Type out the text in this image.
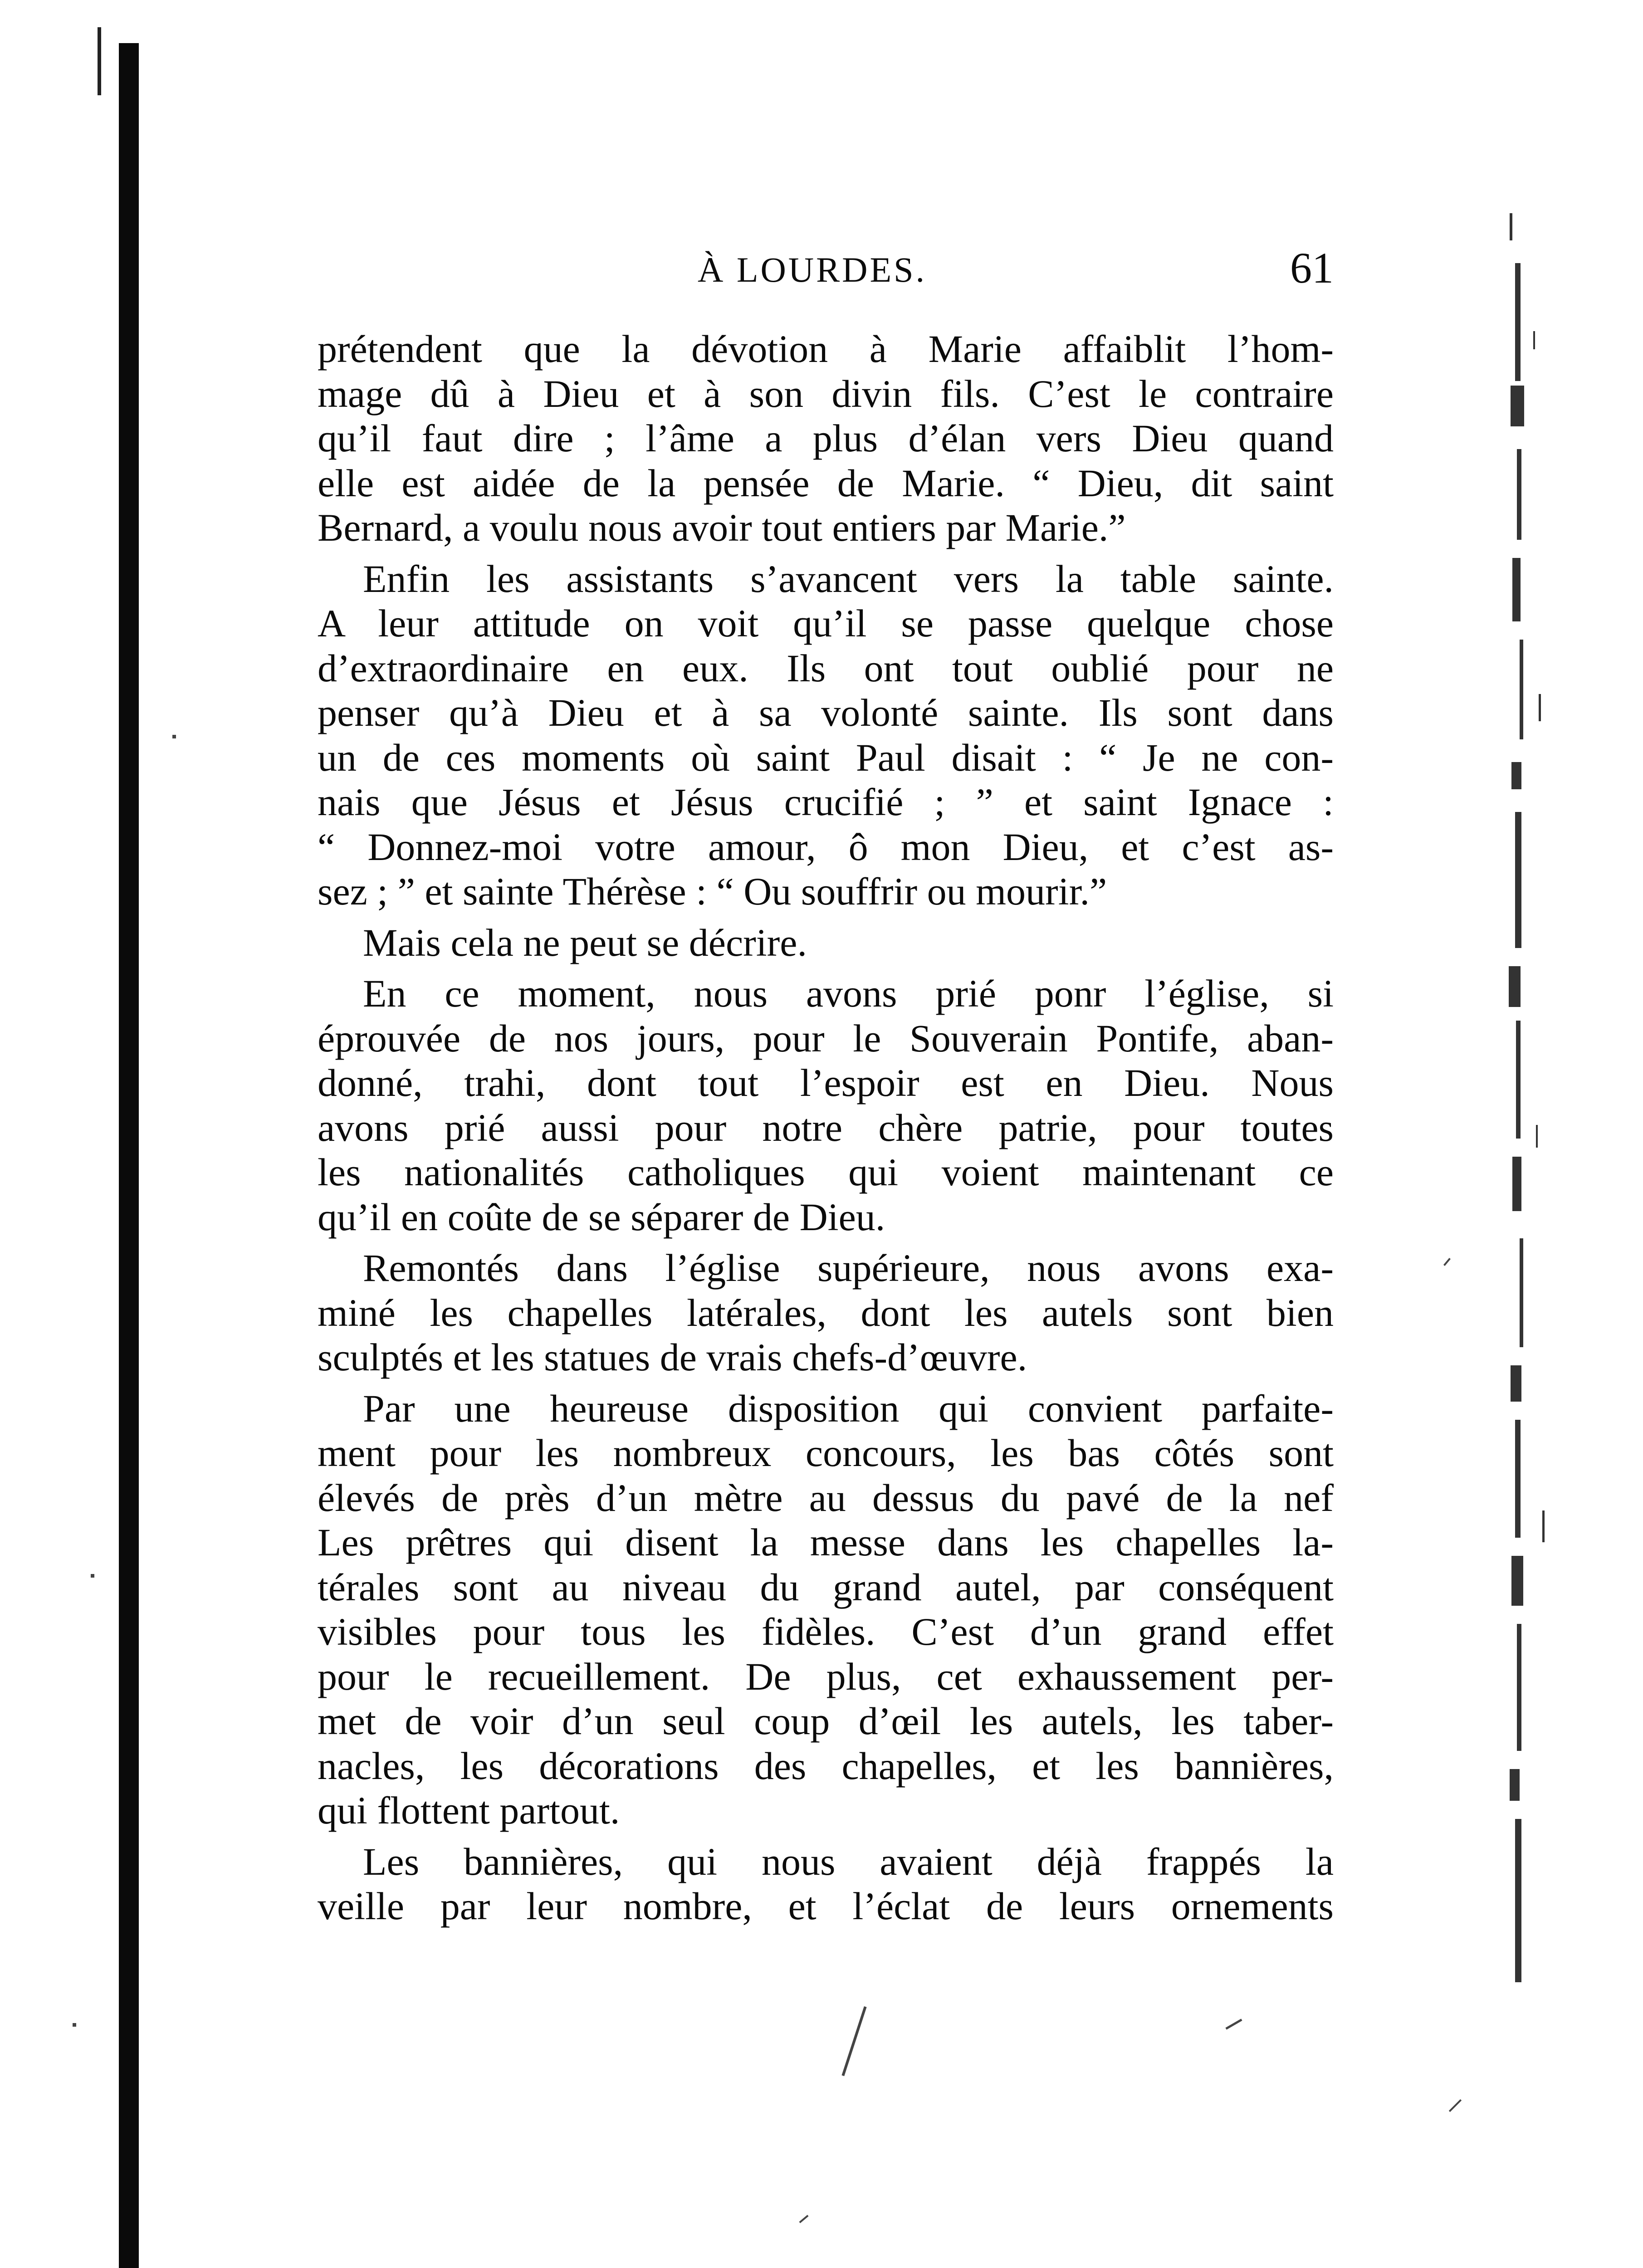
À LOURDES.	61
prétendent que la dévotion à Marie affaiblit l’hom-
mage dû à Dieu et à son divin fils. C’est le contraire
qu’il faut dire ; l’âme a plus d’élan vers Dieu quand
elle est aidée de la pensée de Marie. “ Dieu, dit saint
Bernard, a voulu nous avoir tout entiers par Marie.”
Enfin les assistants s’avancent vers la table sainte.
A leur attitude on voit qu’il se passe quelque chose
d’extraordinaire en eux. Ils ont tout oublié pour ne
penser qu’à Dieu et à sa volonté sainte. Ils sont dans
un de ces moments où saint Paul disait : “ Je ne con-
nais que Jésus et Jésus crucifié ; ” et saint Ignace :
“ Donnez-moi votre amour, ô mon Dieu, et c’est as-
sez ; ” et sainte Thérèse : “ Ou souffrir ou mourir.”
Mais cela ne peut se décrire.
En ce moment, nous avons prié ponr l’église, si
éprouvée de nos jours, pour le Souverain Pontife, aban-
donné, trahi, dont tout l’espoir est en Dieu. Nous
avons prié aussi pour notre chère patrie, pour toutes
les nationalités catholiques qui voient maintenant ce
qu’il en coûte de se séparer de Dieu.
Remontés dans l’église supérieure, nous avons exa-
miné les chapelles latérales, dont les autels sont bien
sculptés et les statues de vrais chefs-d’œuvre.
Par une heureuse disposition qui convient parfaite-
ment pour les nombreux concours, les bas côtés sont
élevés de près d’un mètre au dessus du pavé de la nef
Les prêtres qui disent la messe dans les chapelles la-
térales sont au niveau du grand autel, par conséquent
visibles pour tous les fidèles. C’est d’un grand effet
pour le recueillement. De plus, cet exhaussement per-
met de voir d’un seul coup d’œil les autels, les taber-
nacles, les décorations des chapelles, et les bannières,
qui flottent partout.
Les bannières, qui nous avaient déjà frappés la
veille par leur nombre, et l’éclat de leurs ornements
